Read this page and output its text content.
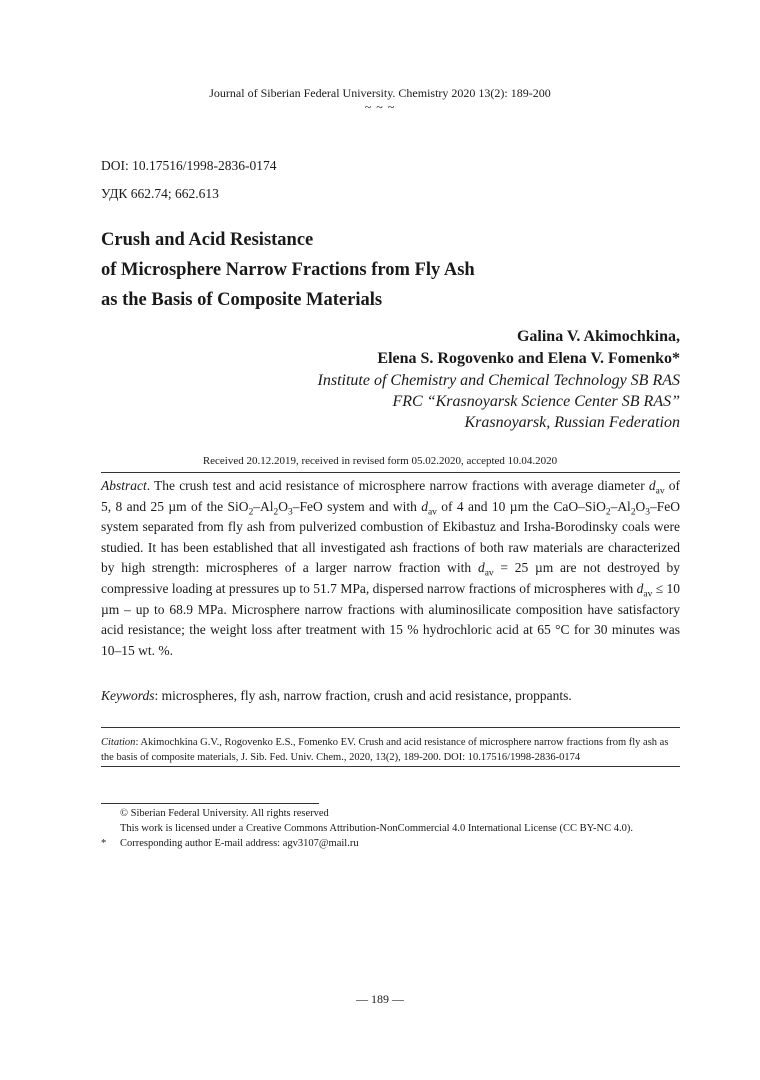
Journal of Siberian Federal University. Chemistry 2020 13(2): 189-200
~ ~ ~
DOI: 10.17516/1998-2836-0174
УДК 662.74; 662.613
Crush and Acid Resistance
of Microsphere Narrow Fractions from Fly Ash
as the Basis of Composite Materials
Galina V. Akimochkina,
Elena S. Rogovenko and Elena V. Fomenko*
Institute of Chemistry and Chemical Technology SB RAS
FRC “Krasnoyarsk Science Center SB RAS”
Krasnoyarsk, Russian Federation
Received 20.12.2019, received in revised form 05.02.2020, accepted 10.04.2020

Abstract. The crush test and acid resistance of microsphere narrow fractions with average diameter $d_{av}$ of 5, 8 and 25 µm of the $SiO_2-Al_2O_3$–FeO system and with $d_{av}$ of 4 and 10 µm the CaO–$SiO_2-Al_2O_3$–FeO system separated from fly ash from pulverized combustion of Ekibastuz and Irsha-Borodinsky coals were studied. It has been established that all investigated ash fractions of both raw materials are characterized by high strength: microspheres of a larger narrow fraction with $d_{av} = 25$ µm are not destroyed by compressive loading at pressures up to 51.7 MPa, dispersed narrow fractions of microspheres with $d_{av} \le 10$ µm – up to 68.9 MPa. Microsphere narrow fractions with aluminosilicate composition have satisfactory acid resistance; the weight loss after treatment with 15 % hydrochloric acid at 65 °C for 30 minutes was 10–15 wt. %.

Keywords: microspheres, fly ash, narrow fraction, crush and acid resistance, proppants.
Citation: Akimochkina G.V., Rogovenko E.S., Fomenko EV. Crush and acid resistance of microsphere narrow fractions from fly ash as the basis of composite materials, J. Sib. Fed. Univ. Chem., 2020, 13(2), 189-200. DOI: 10.17516/1998-2836-0174
© Siberian Federal University. All rights reserved
This work is licensed under a Creative Commons Attribution-NonCommercial 4.0 International License (CC BY-NC 4.0).
* Corresponding author E-mail address: agv3107@mail.ru
— 189 —
